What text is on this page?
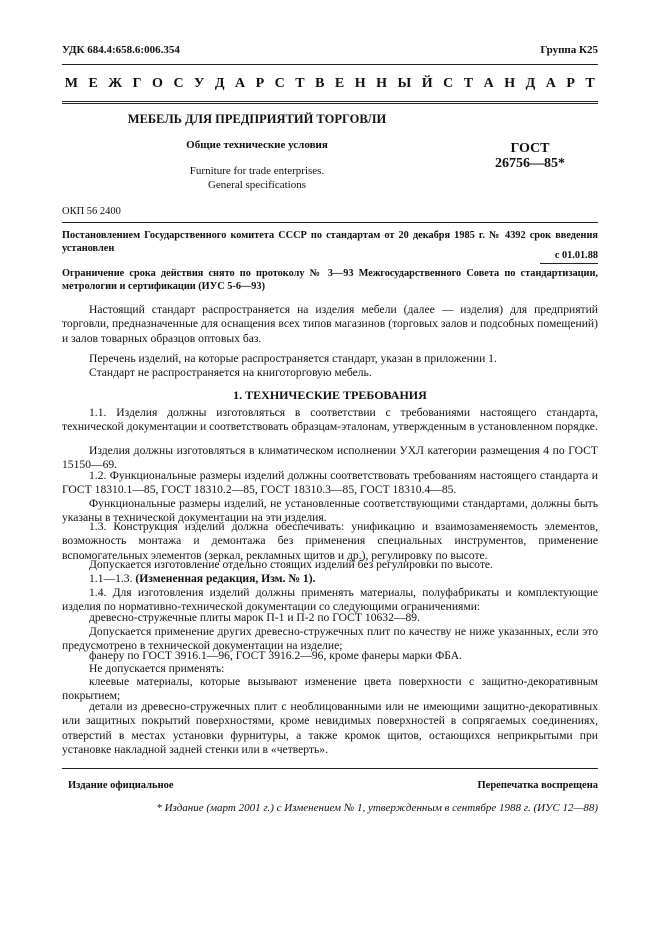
УДК 684.4:658.6:006.354	Группа К25
М Е Ж Г О С У Д А Р С Т В Е Н Н Ы Й С Т А Н Д А Р Т
МЕБЕЛЬ ДЛЯ ПРЕДПРИЯТИЙ ТОРГОВЛИ
Общие технические условия
Furniture for trade enterprises.
General specifications
ГОСТ
26756—85*
ОКП 56 2400
Постановлением Государственного комитета СССР по стандартам от 20 декабря 1985 г. № 4392 срок введения установлен
с 01.01.88
Ограничение срока действия снято по протоколу № 3—93 Межгосударственного Совета по стандартизации, метрологии и сертификации (ИУС 5-6—93)
Настоящий стандарт распространяется на изделия мебели (далее — изделия) для предприятий торговли, предназначенные для оснащения всех типов магазинов (торговых залов и подсобных помещений) и залов товарных образцов оптовых баз.
Перечень изделий, на которые распространяется стандарт, указан в приложении 1.
Стандарт не распространяется на книготорговую мебель.
1. ТЕХНИЧЕСКИЕ ТРЕБОВАНИЯ
1.1. Изделия должны изготовляться в соответствии с требованиями настоящего стандарта, технической документации и соответствовать образцам-эталонам, утвержденным в установленном порядке.
Изделия должны изготовляться в климатическом исполнении УХЛ категории размещения 4 по ГОСТ 15150—69.
1.2. Функциональные размеры изделий должны соответствовать требованиям настоящего стандарта и ГОСТ 18310.1—85, ГОСТ 18310.2—85, ГОСТ 18310.3—85, ГОСТ 18310.4—85.
Функциональные размеры изделий, не установленные соответствующими стандартами, должны быть указаны в технической документации на эти изделия.
1.3. Конструкция изделий должна обеспечивать: унификацию и взаимозаменяемость элементов, возможность монтажа и демонтажа без применения специальных инструментов, применение вспомогательных элементов (зеркал, рекламных щитов и др.), регулировку по высоте.
Допускается изготовление отдельно стоящих изделий без регулировки по высоте.
1.1—1.3. (Измененная редакция, Изм. № 1).
1.4. Для изготовления изделий должны применять материалы, полуфабрикаты и комплектующие изделия по нормативно-технической документации со следующими ограничениями:
древесно-стружечные плиты марок П-1 и П-2 по ГОСТ 10632—89.
Допускается применение других древесно-стружечных плит по качеству не ниже указанных, если это предусмотрено в технической документации на изделие;
фанеру по ГОСТ 3916.1—96, ГОСТ 3916.2—96, кроме фанеры марки ФБА.
Не допускается применять:
клеевые материалы, которые вызывают изменение цвета поверхности с защитно-декоративным покрытием;
детали из древесно-стружечных плит с необлицованными или не имеющими защитно-декоративных или защитных покрытий поверхностями, кроме невидимых поверхностей в сопрягаемых соединениях, отверстий в местах установки фурнитуры, а также кромок щитов, остающихся неприкрытыми при установке накладной задней стенки или в «четверть».
Издание официальное	Перепечатка воспрещена
* Издание (март 2001 г.) с Изменением № 1, утвержденным в сентябре 1988 г. (ИУС 12—88)
